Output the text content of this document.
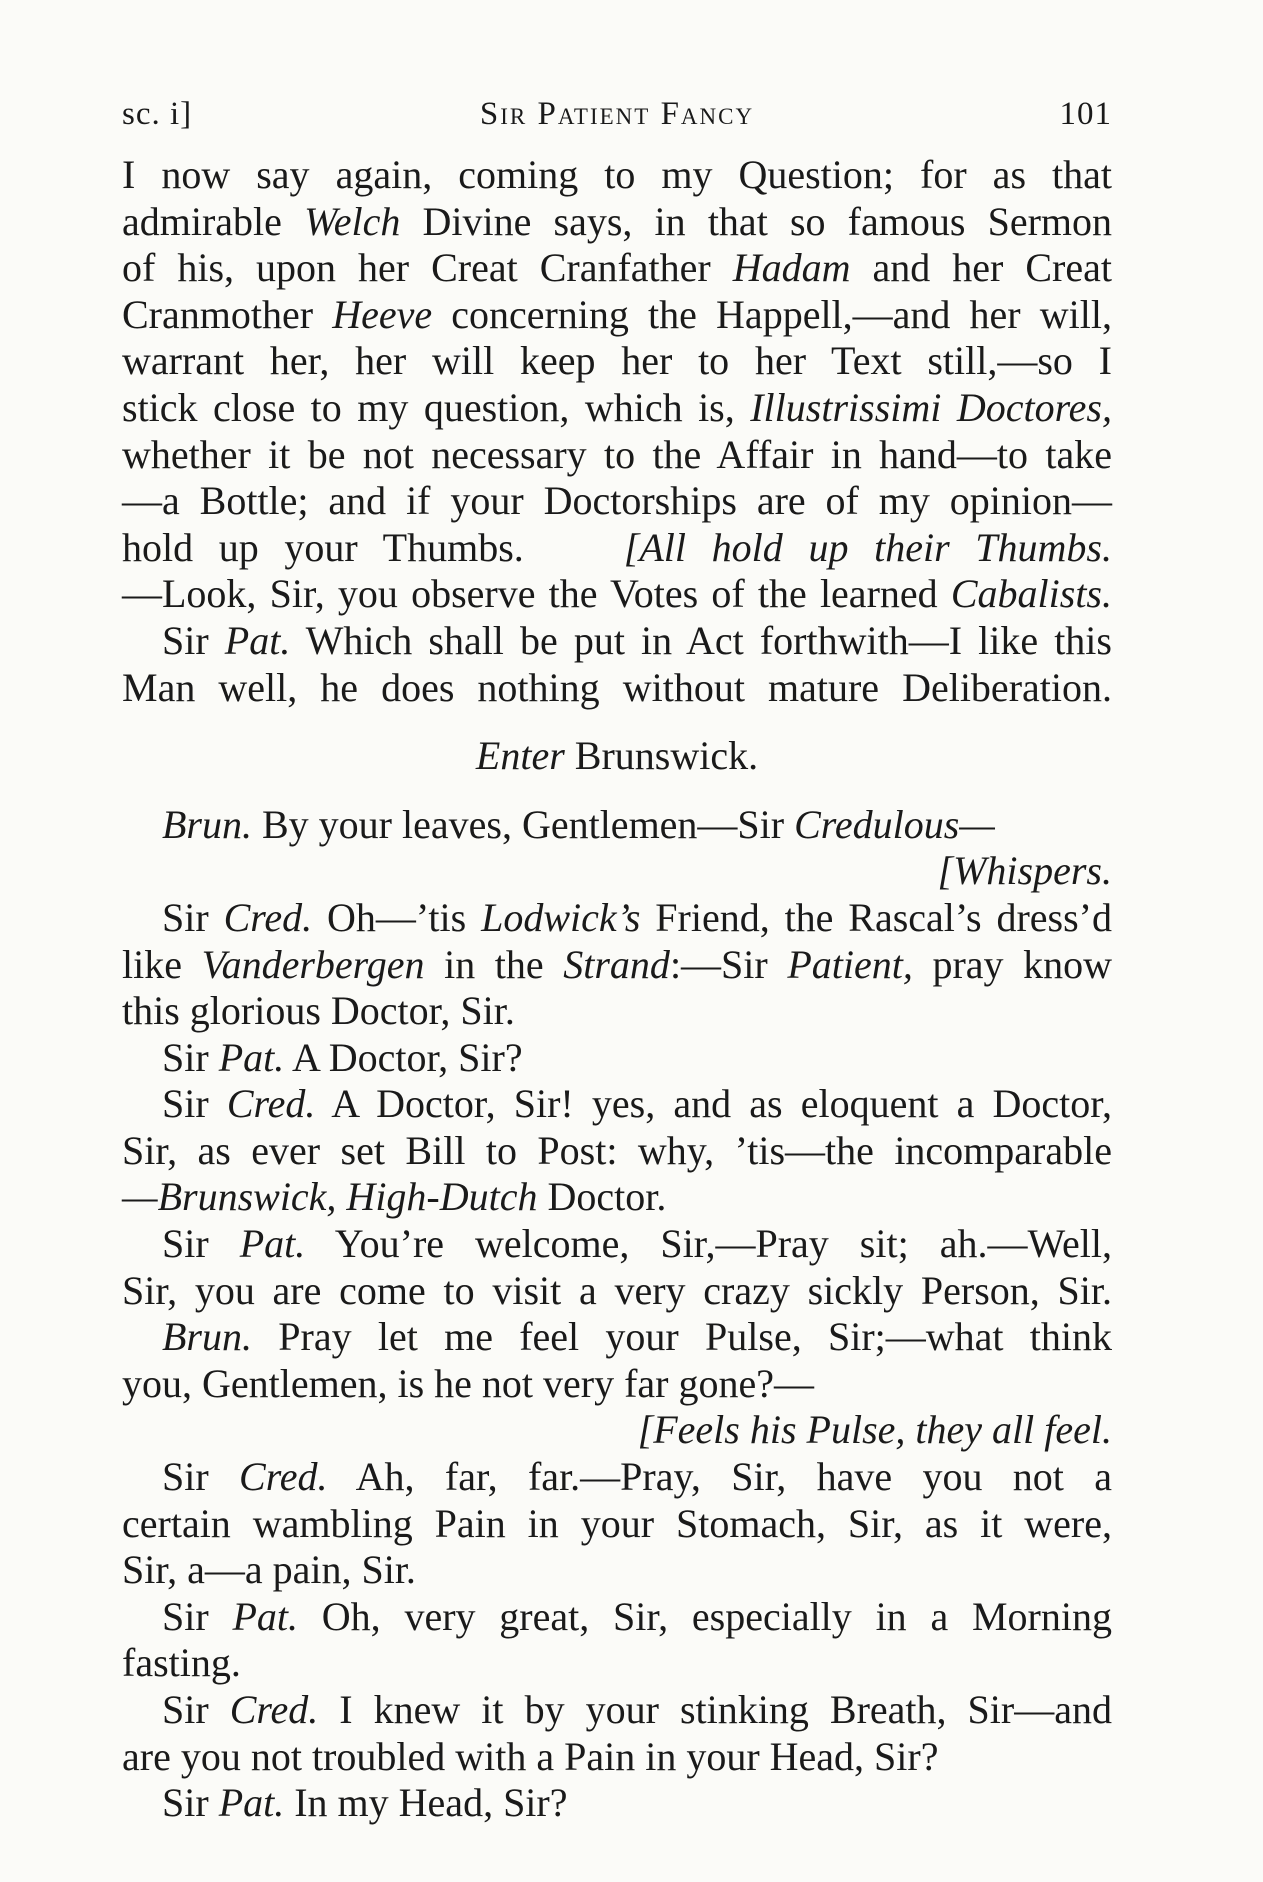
sc. i]	Sir Patient Fancy	101
I now say again, coming to my Question; for as that
admirable Welch Divine says, in that so famous Sermon
of his, upon her Creat Cranfather Hadam and her Creat
Cranmother Heeve concerning the Happell,—and her will,
warrant her, her will keep her to her Text still,—so I
stick close to my question, which is, Illustrissimi Doctores,
whether it be not necessary to the Affair in hand—to take
—a Bottle; and if your Doctorships are of my opinion—
hold up your Thumbs.	[All hold up their Thumbs.
—Look, Sir, you observe the Votes of the learned Cabalists.
Sir Pat. Which shall be put in Act forthwith—I like this
Man well, he does nothing without mature Deliberation.
Enter Brunswick.
Brun. By your leaves, Gentlemen—Sir Credulous—
[Whispers.
Sir Cred. Oh—’tis Lodwick’s Friend, the Rascal’s dress’d
like Vanderbergen in the Strand:—Sir Patient, pray know
this glorious Doctor, Sir.
Sir Pat. A Doctor, Sir?
Sir Cred. A Doctor, Sir! yes, and as eloquent a Doctor,
Sir, as ever set Bill to Post: why, ’tis—the incomparable
—Brunswick, High-Dutch Doctor.
Sir Pat. You’re welcome, Sir,—Pray sit; ah.—Well,
Sir, you are come to visit a very crazy sickly Person, Sir.
Brun. Pray let me feel your Pulse, Sir;—what think
you, Gentlemen, is he not very far gone?—
[Feels his Pulse, they all feel.
Sir Cred. Ah, far, far.—Pray, Sir, have you not a
certain wambling Pain in your Stomach, Sir, as it were,
Sir, a—a pain, Sir.
Sir Pat. Oh, very great, Sir, especially in a Morning
fasting.
Sir Cred. I knew it by your stinking Breath, Sir—and
are you not troubled with a Pain in your Head, Sir?
Sir Pat. In my Head, Sir?
